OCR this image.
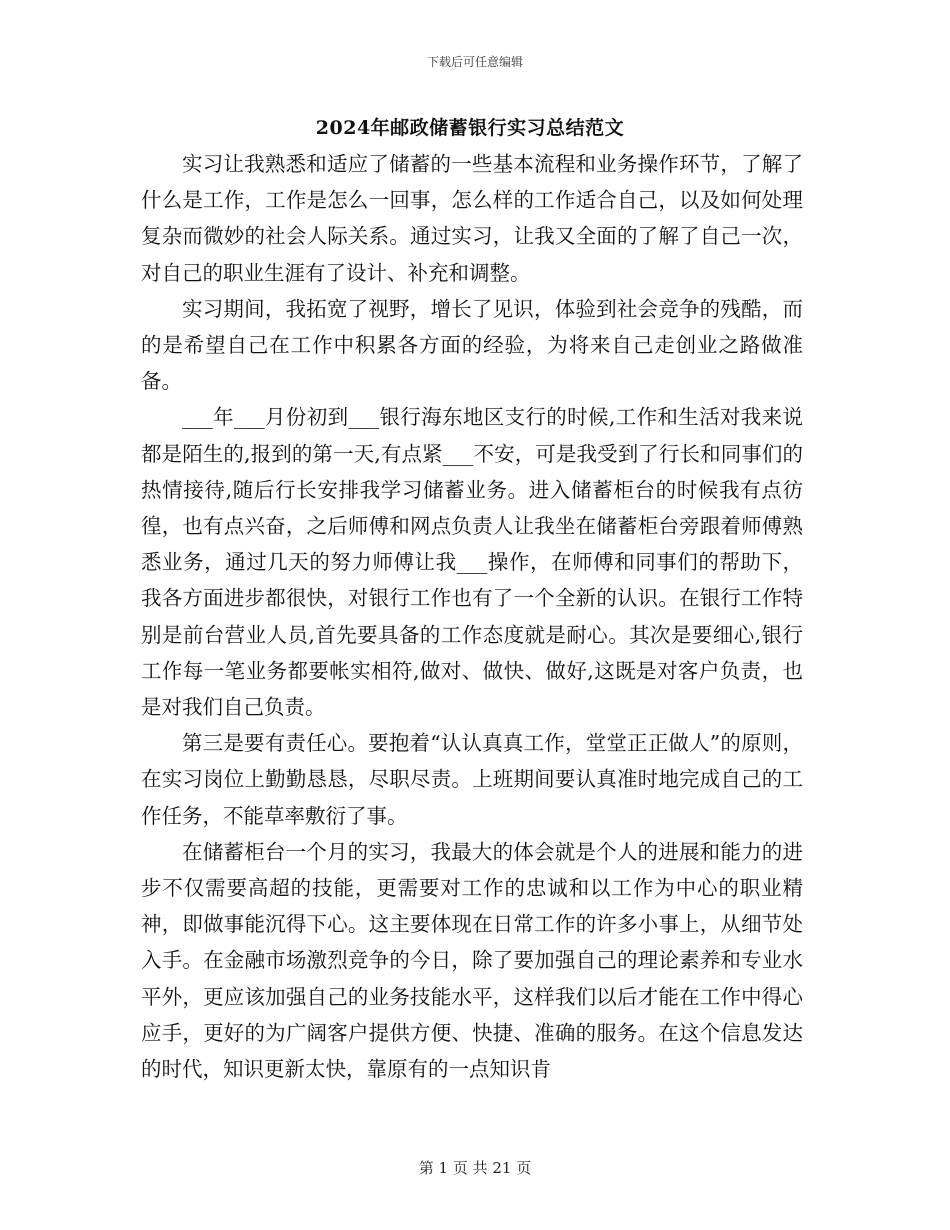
下载后可任意编辑
2024年邮政储蓄银行实习总结范文

实习让我熟悉和适应了储蓄的一些基本流程和业务操作环节，了解了什么是工作，工作是怎么一回事，怎么样的工作适合自己，以及如何处理复杂而微妙的社会人际关系。通过实习，让我又全面的了解了自己一次，对自己的职业生涯有了设计、补充和调整。

实习期间，我拓宽了视野，增长了见识，体验到社会竞争的残酷，而的是希望自己在工作中积累各方面的经验，为将来自己走创业之路做准备。

___年___月份初到___银行海东地区支行的时候,工作和生活对我来说都是陌生的,报到的第一天,有点紧___不安，可是我受到了行长和同事们的热情接待,随后行长安排我学习储蓄业务。进入储蓄柜台的时候我有点彷徨，也有点兴奋，之后师傅和网点负责人让我坐在储蓄柜台旁跟着师傅熟悉业务，通过几天的努力师傅让我___操作，在师傅和同事们的帮助下，我各方面进步都很快，对银行工作也有了一个全新的认识。在银行工作特别是前台营业人员,首先要具备的工作态度就是耐心。其次是要细心,银行工作每一笔业务都要帐实相符,做对、做快、做好,这既是对客户负责，也是对我们自己负责。

第三是要有责任心。要抱着“认认真真工作，堂堂正正做人”的原则，在实习岗位上勤勤恳恳，尽职尽责。上班期间要认真准时地完成自己的工作任务，不能草率敷衍了事。

在储蓄柜台一个月的实习，我最大的体会就是个人的进展和能力的进步不仅需要高超的技能，更需要对工作的忠诚和以工作为中心的职业精神，即做事能沉得下心。这主要体现在日常工作的许多小事上，从细节处入手。在金融市场激烈竞争的今日，除了要加强自己的理论素养和专业水平外，更应该加强自己的业务技能水平，这样我们以后才能在工作中得心应手，更好的为广阔客户提供方便、快捷、准确的服务。在这个信息发达的时代，知识更新太快，靠原有的一点知识肯

第 1 页 共 21 页
